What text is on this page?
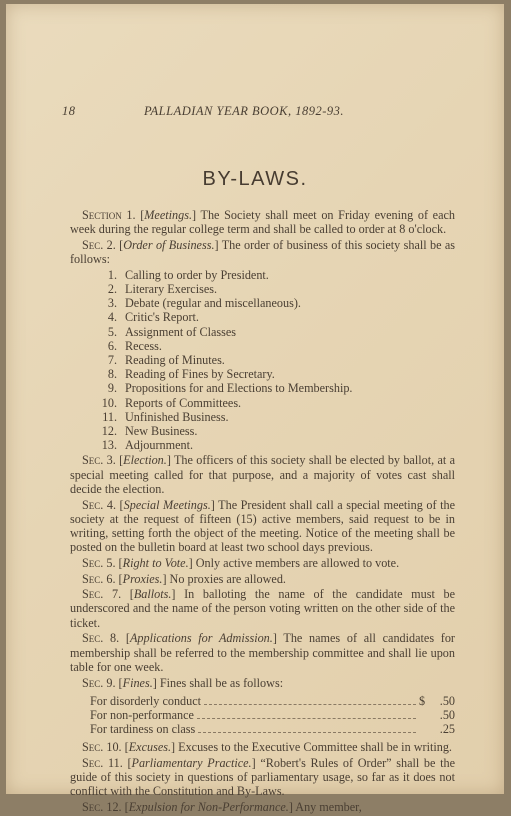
18	PALLADIAN YEAR BOOK, 1892-93.
BY-LAWS.

Section 1. [Meetings.] The Society shall meet on Friday evening of each week during the regular college term and shall be called to order at 8 o'clock.

Sec. 2. [Order of Business.] The order of business of this society shall be as follows:

1. Calling to order by President.
2. Literary Exercises.
3. Debate (regular and miscellaneous).
4. Critic's Report.
5. Assignment of Classes
6. Recess.
7. Reading of Minutes.
8. Reading of Fines by Secretary.
9. Propositions for and Elections to Membership.
10. Reports of Committees.
11. Unfinished Business.
12. New Business.
13. Adjournment.

Sec. 3. [Election.] The officers of this society shall be elected by ballot, at a special meeting called for that purpose, and a majority of votes cast shall decide the election.

Sec. 4. [Special Meetings.] The President shall call a special meeting of the society at the request of fifteen (15) active members, said request to be in writing, setting forth the object of the meeting. Notice of the meeting shall be posted on the bulletin board at least two school days previous.

Sec. 5. [Right to Vote.] Only active members are allowed to vote.

Sec. 6. [Proxies.] No proxies are allowed.

Sec. 7. [Ballots.] In balloting the name of the candidate must be underscored and the name of the person voting written on the other side of the ticket.

Sec. 8. [Applications for Admission.] The names of all candidates for membership shall be referred to the membership committee and shall lie upon table for one week.

Sec. 9. [Fines.] Fines shall be as follows:

For disorderly conduct	$	.50
For non-performance	.50
For tardiness on class	.25

Sec. 10. [Excuses.] Excuses to the Executive Committee shall be in writing.

Sec. 11. [Parliamentary Practice.] “Robert's Rules of Order” shall be the guide of this society in questions of parliamentary usage, so far as it does not conflict with the Constitution and By-Laws.

Sec. 12. [Expulsion for Non-Performance.] Any member,
